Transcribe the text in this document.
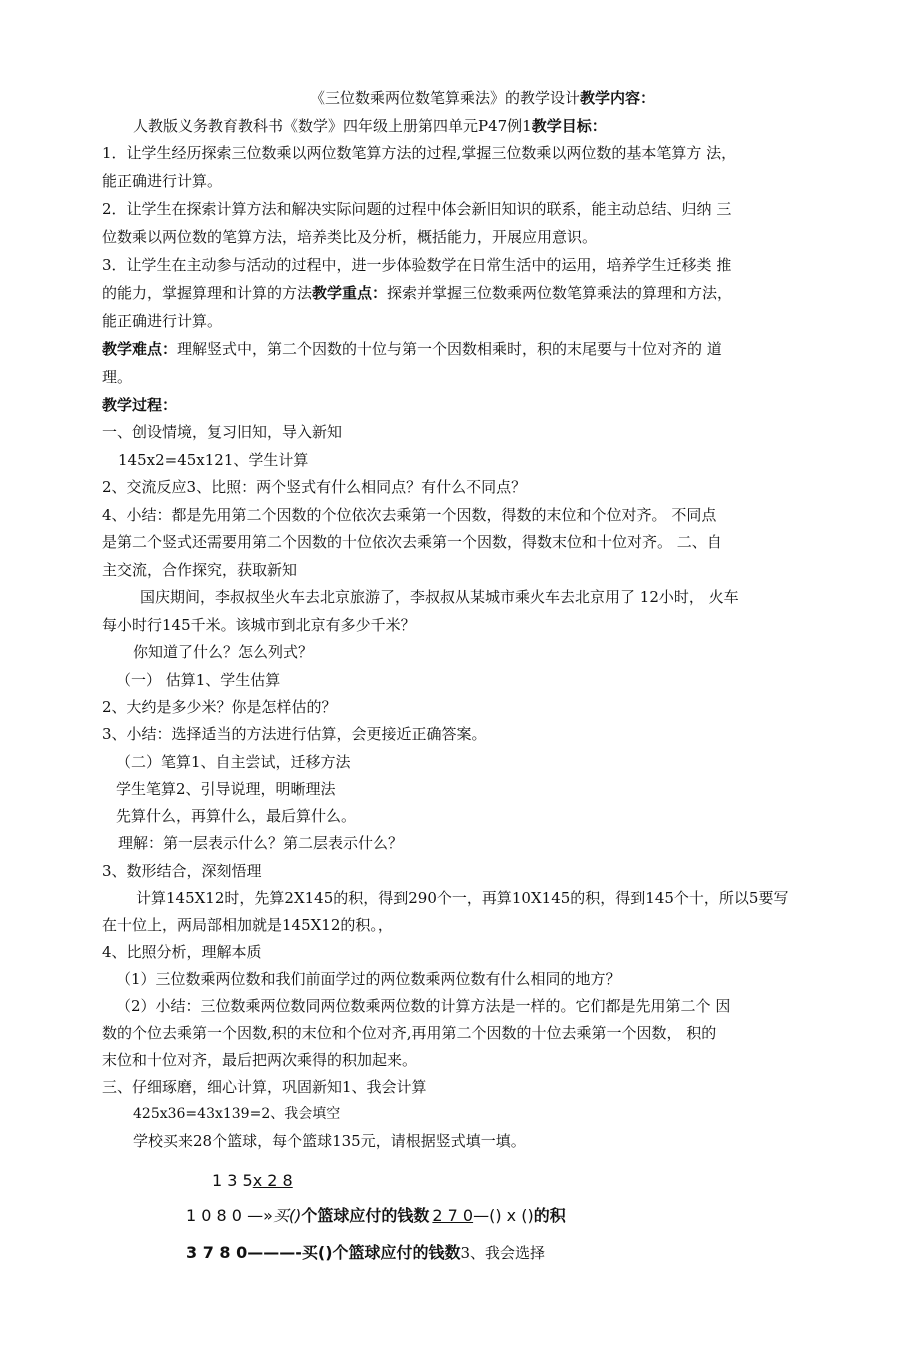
《三位数乘两位数笔算乘法》的教学设计教学内容：
人教版义务教育教科书《数学》四年级上册第四单元P47例1教学目标：
1．让学生经历探索三位数乘以两位数笔算方法的过程,掌握三位数乘以两位数的基本笔算方 法，
能正确进行计算。
2．让学生在探索计算方法和解决实际问题的过程中体会新旧知识的联系，能主动总结、归纳 三
位数乘以两位数的笔算方法，培养类比及分析，概括能力，开展应用意识。
3．让学生在主动参与活动的过程中，进一步体验数学在日常生活中的运用，培养学生迁移类 推
的能力，掌握算理和计算的方法教学重点：探索并掌握三位数乘两位数笔算乘法的算理和方法，
能正确进行计算。
教学难点：理解竖式中，第二个因数的十位与第一个因数相乘时，积的末尾要与十位对齐的 道
理。
教学过程：
一、创设情境，复习旧知，导入新知
145x2=45x121、学生计算
2、交流反应3、比照：两个竖式有什么相同点？有什么不同点？
4、小结：都是先用第二个因数的个位依次去乘第一个因数，得数的末位和个位对齐。 不同点
是第二个竖式还需要用第二个因数的十位依次去乘第一个因数，得数末位和十位对齐。 二、自
主交流，合作探究，获取新知
国庆期间，李叔叔坐火车去北京旅游了，李叔叔从某城市乘火车去北京用了 12小时， 火车
每小时行145千米。该城市到北京有多少千米？
你知道了什么？怎么列式？
（一） 估算1、学生估算
2、大约是多少米？你是怎样估的？
3、小结：选择适当的方法进行估算，会更接近正确答案。
（二）笔算1、自主尝试，迁移方法
学生笔算2、引导说理，明晰理法
先算什么，再算什么，最后算什么。
理解：第一层表示什么？第二层表示什么？
3、数形结合，深刻悟理
计算145X12时，先算2X145的积，得到290个一，再算10X145的积，得到145个十，所以5要写
在十位上，两局部相加就是145X12的积。，
4、比照分析，理解本质
（1）三位数乘两位数和我们前面学过的两位数乘两位数有什么相同的地方？
（2）小结：三位数乘两位数同两位数乘两位数的计算方法是一样的。它们都是先用第二个 因
数的个位去乘第一个因数,积的末位和个位对齐,再用第二个因数的十位去乘第一个因数， 积的
末位和十位对齐，最后把两次乘得的积加起来。
三、仔细琢磨，细心计算，巩固新知1、我会计算
425x36=43x139=2、我会填空
学校买来28个篮球，每个篮球135元，请根据竖式填一填。
1 3 5x 2 8
1 0 8 0 —»买()个篮球应付的钱数 2 7 0—() x ()的积
3 7 8 0———-买()个篮球应付的钱数3、我会选择
